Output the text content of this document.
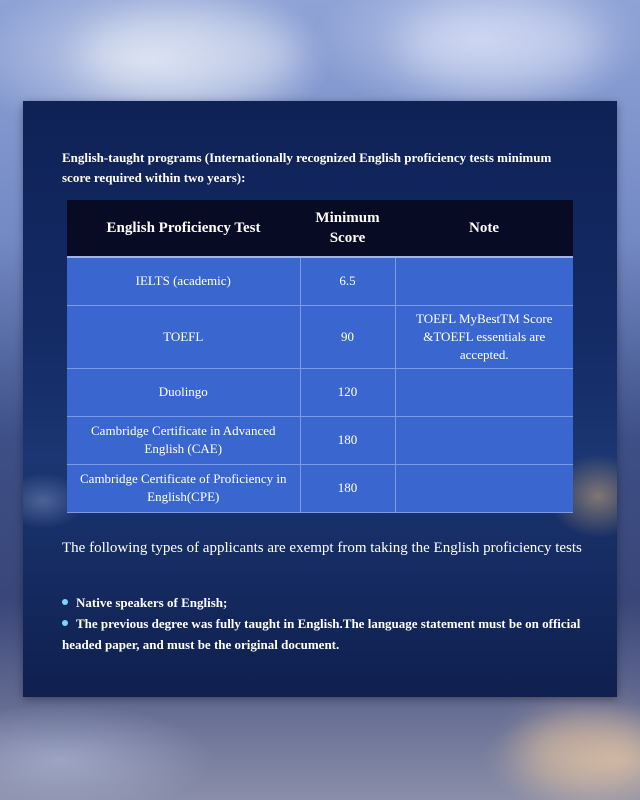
English-taught programs (Internationally recognized English proficiency tests minimum score required within two years):
English Proficiency Test	Minimum Score	Note
IELTS (academic)	6.5	
TOEFL	90	TOEFL MyBestTM Score &TOEFL essentials are accepted.
Duolingo	120	
Cambridge Certificate in Advanced English (CAE)	180	
Cambridge Certificate of Proficiency in English(CPE)	180	
The following types of applicants are exempt from taking the English proficiency tests
Native speakers of English;
The previous degree was fully taught in English.The language statement must be on official headed paper, and must be the original document.
